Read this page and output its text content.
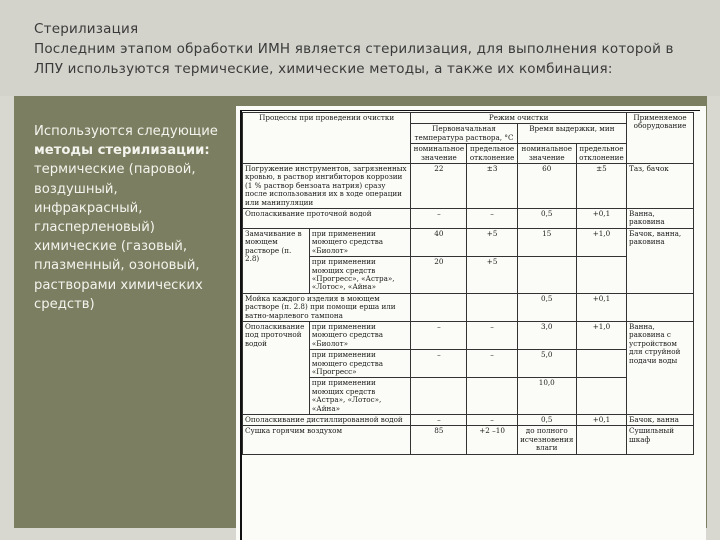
Стерилизация
Последним этапом обработки ИМН является стерилизация, для выполнения которой в
ЛПУ используются термические, химические методы, а также их комбинация:
Используются следующие методы стерилизации:
термические (паровой, воздушный, инфракрасный, гласперленовый)
химические (газовый, плазменный, озоновый, растворами химических средств)
Процессы при проведении очистки		Режим очистки				Применяемое оборудование
		Первоначальная температура раствора, °С		Время выдержки, мин		
		номинальное значение	предельное отклонение	номинальное значение	предельное отклонение	
Погружение инструментов, загрязненных кровью, в раствор ингибиторов коррозии (1 % раствор бензоата натрия) сразу после использования их в ходе операции или манипуляции		22	±3	60	±5	Таз, бачок
Ополаскивание проточной водой		–	–	0,5	+0,1	Ванна, раковина
Замачивание в моющем растворе (п. 2.8)	при применении моющего средства «Биолот»	40	+5	15	+1,0	Бачок, ванна, раковина
	при применении моющих средств «Прогресс», «Астра», «Лотос», «Айна»	20	+5			
Мойка каждого изделия в моющем растворе (п. 2.8) при помощи ерша или ватно-марлевого тампона				0,5	+0,1	
Ополаскивание под проточной водой	при применении моющего средства «Биолот»	–	–	3,0	+1,0	Ванна, раковина с устройством для струйной подачи воды
	при применении моющего средства «Прогресс»	–	–	5,0		
	при применении моющих средств «Астра», «Лотос», «Айна»			10,0		
Ополаскивание дистиллированной водой		–	–	0,5	+0,1	Бачок, ванна
Сушка горячим воздухом		85	+2 –10	до полного исчезновения влаги		Сушильный шкаф
